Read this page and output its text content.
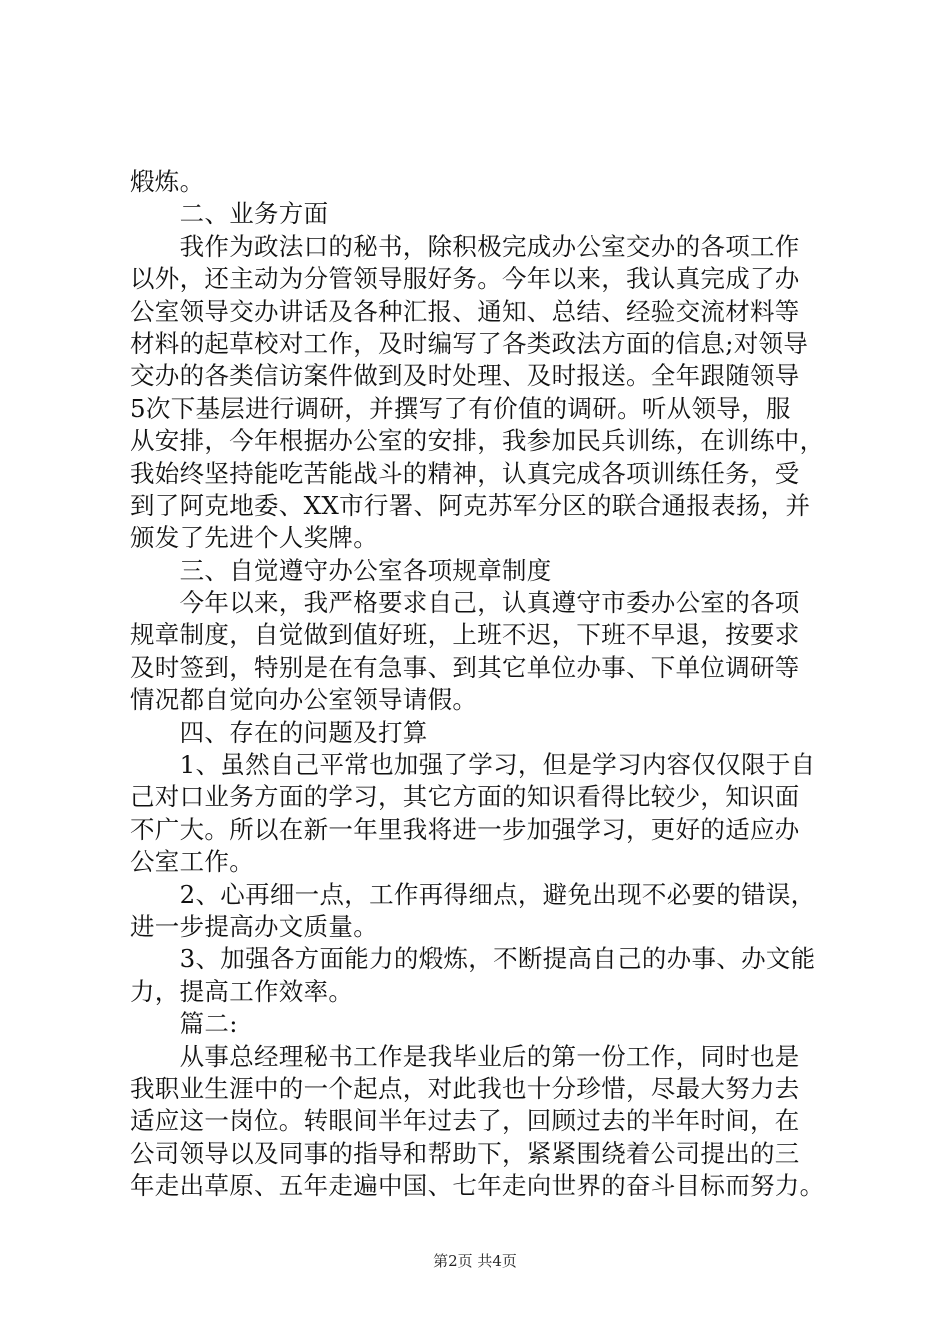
煅炼。
　　二、业务方面
　　我作为政法口的秘书，除积极完成办公室交办的各项工作
以外，还主动为分管领导服好务。今年以来，我认真完成了办
公室领导交办讲话及各种汇报、通知、总结、经验交流材料等
材料的起草校对工作，及时编写了各类政法方面的信息;对领导
交办的各类信访案件做到及时处理、及时报送。全年跟随领导
5次下基层进行调研，并撰写了有价值的调研。听从领导，服
从安排，今年根据办公室的安排，我参加民兵训练，在训练中，
我始终坚持能吃苦能战斗的精神，认真完成各项训练任务，受
到了阿克地委、XX市行署、阿克苏军分区的联合通报表扬，并
颁发了先进个人奖牌。
　　三、自觉遵守办公室各项规章制度
　　今年以来，我严格要求自己，认真遵守市委办公室的各项
规章制度，自觉做到值好班，上班不迟，下班不早退，按要求
及时签到，特别是在有急事、到其它单位办事、下单位调研等
情况都自觉向办公室领导请假。
　　四、存在的问题及打算
　　1、虽然自己平常也加强了学习，但是学习内容仅仅限于自
己对口业务方面的学习，其它方面的知识看得比较少，知识面
不广大。所以在新一年里我将进一步加强学习，更好的适应办
公室工作。
　　2、心再细一点，工作再得细点，避免出现不必要的错误，
进一步提高办文质量。
　　3、加强各方面能力的煅炼，不断提高自己的办事、办文能
力，提高工作效率。
　　篇二:
　　从事总经理秘书工作是我毕业后的第一份工作，同时也是
我职业生涯中的一个起点，对此我也十分珍惜，尽最大努力去
适应这一岗位。转眼间半年过去了，回顾过去的半年时间，在
公司领导以及同事的指导和帮助下，紧紧围绕着公司提出的三
年走出草原、五年走遍中国、七年走向世界的奋斗目标而努力。
第2页 共4页
